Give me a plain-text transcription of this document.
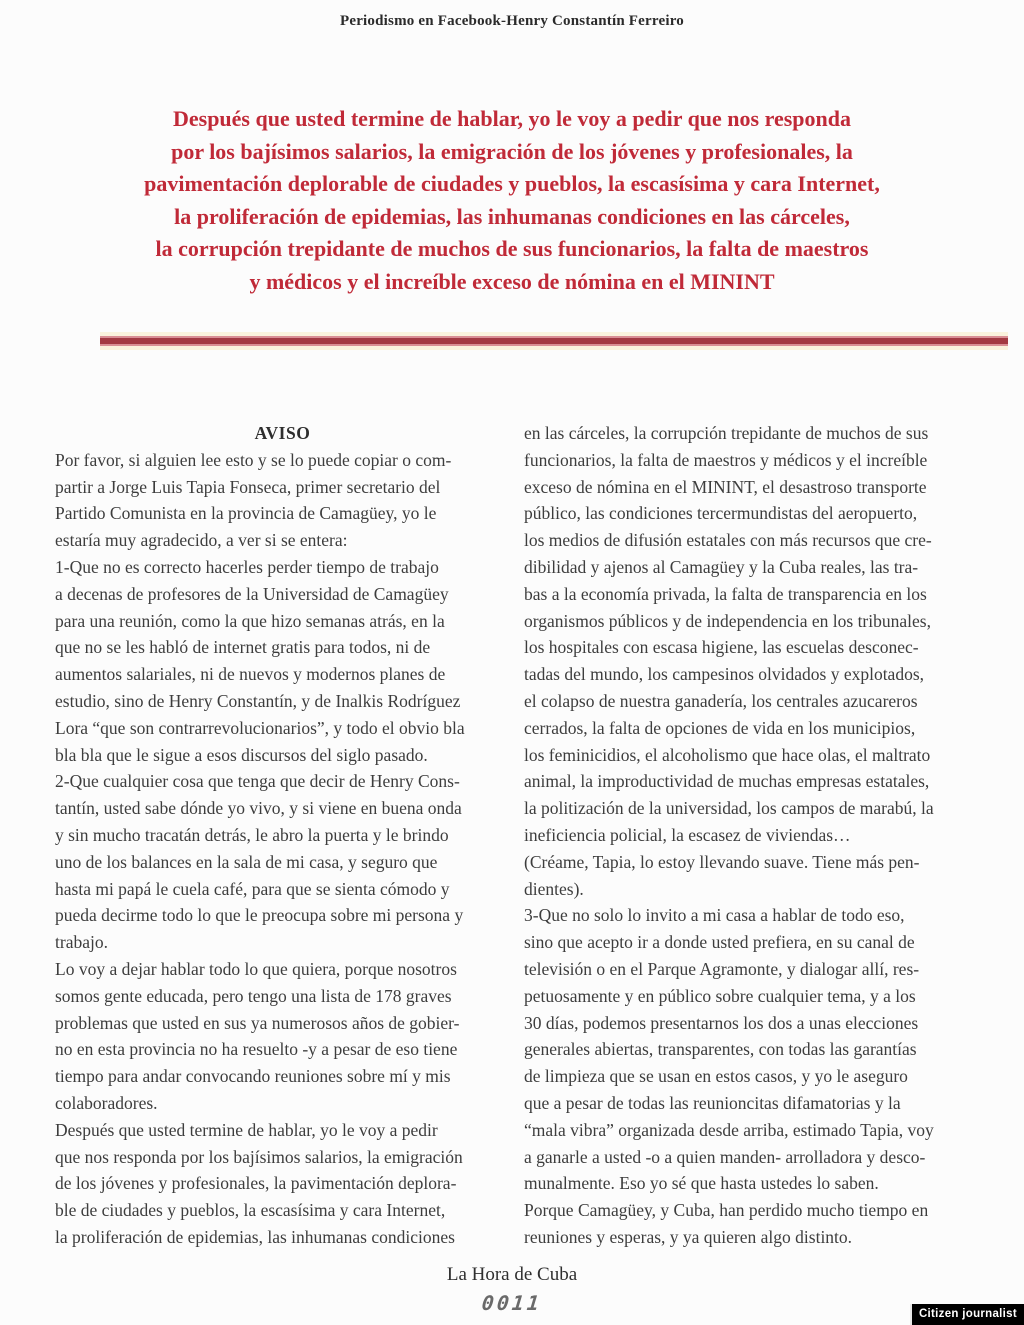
Periodismo en Facebook-Henry Constantín Ferreiro
Después que usted termine de hablar, yo le voy a pedir que nos responda
por los bajísimos salarios, la emigración de los jóvenes y profesionales, la
pavimentación deplorable de ciudades y pueblos, la escasísima y cara Internet,
la proliferación de epidemias, las inhumanas condiciones en las cárceles,
la corrupción trepidante de muchos de sus funcionarios, la falta de maestros
y médicos y el increíble exceso de nómina en el MININT
AVISO
Por favor, si alguien lee esto y se lo puede copiar o com-
partir a Jorge Luis Tapia Fonseca, primer secretario del
Partido Comunista en la provincia de Camagüey, yo le
estaría muy agradecido, a ver si se entera:
1-Que no es correcto hacerles perder tiempo de trabajo
a decenas de profesores de la Universidad de Camagüey
para una reunión, como la que hizo semanas atrás, en la
que no se les habló de internet gratis para todos, ni de
aumentos salariales, ni de nuevos y modernos planes de
estudio, sino de Henry Constantín, y de Inalkis Rodríguez
Lora “que son contrarrevolucionarios”, y todo el obvio bla
bla bla que le sigue a esos discursos del siglo pasado.
2-Que cualquier cosa que tenga que decir de Henry Cons-
tantín, usted sabe dónde yo vivo, y si viene en buena onda
y sin mucho tracatán detrás, le abro la puerta y le brindo
uno de los balances en la sala de mi casa, y seguro que
hasta mi papá le cuela café, para que se sienta cómodo y
pueda decirme todo lo que le preocupa sobre mi persona y
trabajo.
Lo voy a dejar hablar todo lo que quiera, porque nosotros
somos gente educada, pero tengo una lista de 178 graves
problemas que usted en sus ya numerosos años de gobier-
no en esta provincia no ha resuelto -y a pesar de eso tiene
tiempo para andar convocando reuniones sobre mí y mis
colaboradores.
Después que usted termine de hablar, yo le voy a pedir
que nos responda por los bajísimos salarios, la emigración
de los jóvenes y profesionales, la pavimentación deplora-
ble de ciudades y pueblos, la escasísima y cara Internet,
la proliferación de epidemias, las inhumanas condiciones
en las cárceles, la corrupción trepidante de muchos de sus
funcionarios, la falta de maestros y médicos y el increíble
exceso de nómina en el MININT, el desastroso transporte
público, las condiciones tercermundistas del aeropuerto,
los medios de difusión estatales con más recursos que cre-
dibilidad y ajenos al Camagüey y la Cuba reales, las tra-
bas a la economía privada, la falta de transparencia en los
organismos públicos y de independencia en los tribunales,
los hospitales con escasa higiene, las escuelas desconec-
tadas del mundo, los campesinos olvidados y explotados,
el colapso de nuestra ganadería, los centrales azucareros
cerrados, la falta de opciones de vida en los municipios,
los feminicidios, el alcoholismo que hace olas, el maltrato
animal, la improductividad de muchas empresas estatales,
la politización de la universidad, los campos de marabú, la
ineficiencia policial, la escasez de viviendas…
(Créame, Tapia, lo estoy llevando suave. Tiene más pen-
dientes).
3-Que no solo lo invito a mi casa a hablar de todo eso,
sino que acepto ir a donde usted prefiera, en su canal de
televisión o en el Parque Agramonte, y dialogar allí, res-
petuosamente y en público sobre cualquier tema, y a los
30 días, podemos presentarnos los dos a unas elecciones
generales abiertas, transparentes, con todas las garantías
de limpieza que se usan en estos casos, y yo le aseguro
que a pesar de todas las reunioncitas difamatorias y la
“mala vibra” organizada desde arriba, estimado Tapia, voy
a ganarle a usted -o a quien manden- arrolladora y desco-
munalmente. Eso yo sé que hasta ustedes lo saben.
Porque Camagüey, y Cuba, han perdido mucho tiempo en
reuniones y esperas, y ya quieren algo distinto.
La Hora de Cuba
0011	Citizen journalist
